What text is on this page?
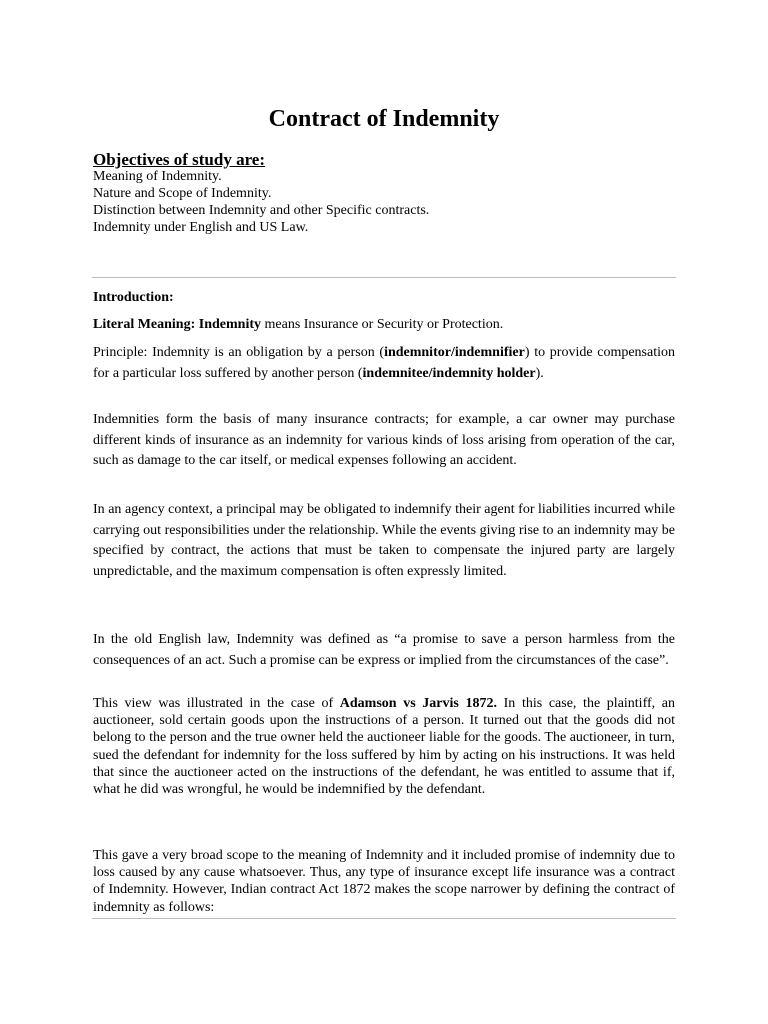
Contract of Indemnity
Objectives of study are:
Meaning of Indemnity.
Nature and Scope of Indemnity.
Distinction between Indemnity and other Specific contracts.
Indemnity under English and US Law.
Introduction:
Literal Meaning: Indemnity means Insurance or Security or Protection.
Principle: Indemnity is an obligation by a person (indemnitor/indemnifier) to provide compensation for a particular loss suffered by another person (indemnitee/indemnity holder).
Indemnities form the basis of many insurance contracts; for example, a car owner may purchase different kinds of insurance as an indemnity for various kinds of loss arising from operation of the car, such as damage to the car itself, or medical expenses following an accident.
In an agency context, a principal may be obligated to indemnify their agent for liabilities incurred while carrying out responsibilities under the relationship. While the events giving rise to an indemnity may be specified by contract, the actions that must be taken to compensate the injured party are largely unpredictable, and the maximum compensation is often expressly limited.
In the old English law, Indemnity was defined as “a promise to save a person harmless from the consequences of an act. Such a promise can be express or implied from the circumstances of the case”.
This view was illustrated in the case of Adamson vs Jarvis 1872. In this case, the plaintiff, an auctioneer, sold certain goods upon the instructions of a person. It turned out that the goods did not belong to the person and the true owner held the auctioneer liable for the goods. The auctioneer, in turn, sued the defendant for indemnity for the loss suffered by him by acting on his instructions. It was held that since the auctioneer acted on the instructions of the defendant, he was entitled to assume that if, what he did was wrongful, he would be indemnified by the defendant.
This gave a very broad scope to the meaning of Indemnity and it included promise of indemnity due to loss caused by any cause whatsoever. Thus, any type of insurance except life insurance was a contract of Indemnity. However, Indian contract Act 1872 makes the scope narrower by defining the contract of indemnity as follows:
